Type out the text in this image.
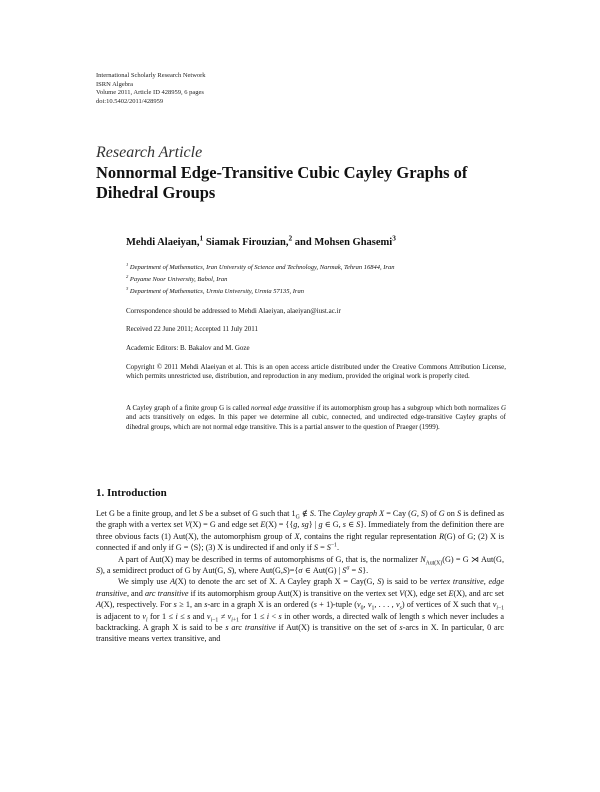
International Scholarly Research Network
ISRN Algebra
Volume 2011, Article ID 428959, 6 pages
doi:10.5402/2011/428959
Research Article
Nonnormal Edge-Transitive Cubic Cayley Graphs of Dihedral Groups
Mehdi Alaeiyan,$^1$ Siamak Firouzian,$^2$ and Mohsen Ghasemi$^3$
$^1$ Department of Mathematics, Iran University of Science and Technology, Narmak, Tehran 16844, Iran
$^2$ Payame Noor University, Babol, Iran
$^3$ Department of Mathematics, Urmia University, Urmia 57135, Iran
Correspondence should be addressed to Mehdi Alaeiyan, alaeiyan@iust.ac.ir
Received 22 June 2011; Accepted 11 July 2011
Academic Editors: B. Bakalov and M. Goze
Copyright © 2011 Mehdi Alaeiyan et al. This is an open access article distributed under the Creative Commons Attribution License, which permits unrestricted use, distribution, and reproduction in any medium, provided the original work is properly cited.
A Cayley graph of a finite group G is called normal edge transitive if its automorphism group has a subgroup which both normalizes G and acts transitively on edges. In this paper we determine all cubic, connected, and undirected edge-transitive Cayley graphs of dihedral groups, which are not normal edge transitive. This is a partial answer to the question of Praeger (1999).
1. Introduction

Let G be a finite group, and let S be a subset of G such that $1_G$ ∉ S. The Cayley graph X = Cay (G, S) of G on S is defined as the graph with a vertex set V(X) = G and edge set E(X) = {{g, sg} | g ∈ G, s ∈ S}. Immediately from the definition there are three obvious facts (1) Aut(X), the automorphism group of X, contains the right regular representation R(G) of G; (2) X is connected if and only if G = ⟨S⟩; (3) X is undirected if and only if $S = S^{-1}$.

A part of Aut(X) may be described in terms of automorphisms of G, that is, the normalizer $N_{Aut(X)}(G) = G$ ⋊ Aut(G, S), a semidirect product of G by Aut(G, S), where Aut(G,S)={σ ∈ Aut(G) | $S^\sigma = S$}.

We simply use A(X) to denote the arc set of X. A Cayley graph X = Cay(G, S) is said to be vertex transitive, edge transitive, and arc transitive if its automorphism group Aut(X) is transitive on the vertex set V(X), edge set E(X), and arc set A(X), respectively. For s ≥ 1, an s-arc in a graph X is an ordered (s + 1)-tuple ($v_0$, $v_1$, . . . , $v_s$) of vertices of X such that $v_{i-1}$ is adjacent to $v_i$ for 1 ≤ i ≤ s and $v_{i-1} \ne v_{i+1}$ for 1 ≤ i < s in other words, a directed walk of length s which never includes a backtracking. A graph X is said to be s arc transitive if Aut(X) is transitive on the set of s-arcs in X. In particular, 0 arc transitive means vertex transitive, and
